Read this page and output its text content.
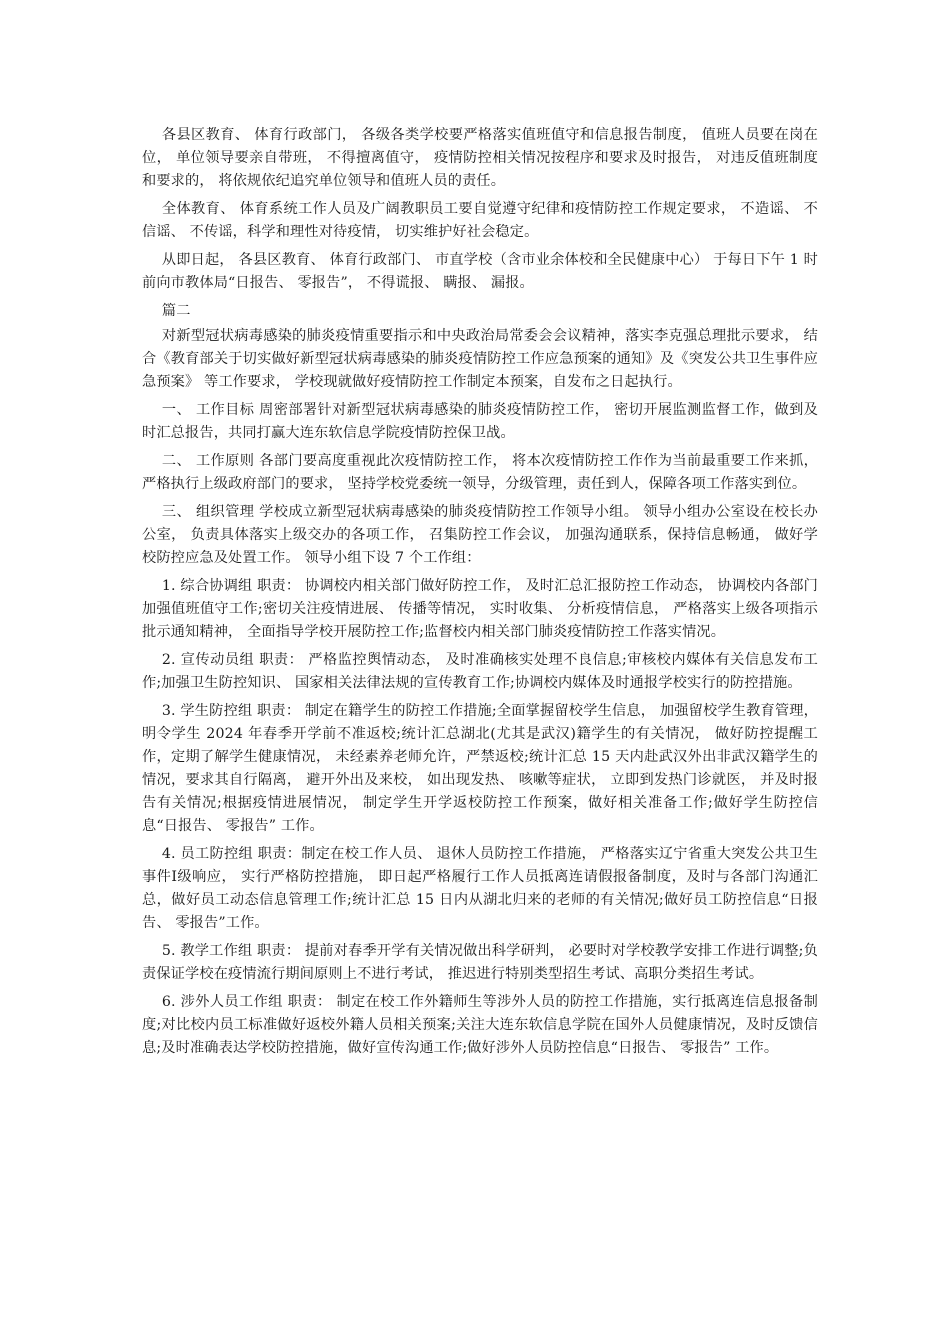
各县区教育、 体育行政部门， 各级各类学校要严格落实值班值守和信息报告制度， 值班人员要在岗在位， 单位领导要亲自带班， 不得擅离值守， 疫情防控相关情况按程序和要求及时报告， 对违反值班制度和要求的， 将依规依纪追究单位领导和值班人员的责任。

全体教育、 体育系统工作人员及广阔教职员工要自觉遵守纪律和疫情防控工作规定要求， 不造谣、 不信谣、 不传谣，科学和理性对待疫情， 切实维护好社会稳定。

从即日起， 各县区教育、 体育行政部门、 市直学校（含市业余体校和全民健康中心） 于每日下午 1 时前向市教体局“日报告、 零报告”， 不得谎报、 瞒报、 漏报。

篇二

对新型冠状病毒感染的肺炎疫情重要指示和中央政治局常委会会议精神，落实李克强总理批示要求， 结合《教育部关于切实做好新型冠状病毒感染的肺炎疫情防控工作应急预案的通知》及《突发公共卫生事件应急预案》 等工作要求， 学校现就做好疫情防控工作制定本预案，自发布之日起执行。

一、 工作目标 周密部署针对新型冠状病毒感染的肺炎疫情防控工作， 密切开展监测监督工作，做到及时汇总报告，共同打赢大连东软信息学院疫情防控保卫战。

二、 工作原则 各部门要高度重视此次疫情防控工作， 将本次疫情防控工作作为当前最重要工作来抓， 严格执行上级政府部门的要求， 坚持学校党委统一领导，分级管理，责任到人，保障各项工作落实到位。

三、 组织管理 学校成立新型冠状病毒感染的肺炎疫情防控工作领导小组。 领导小组办公室设在校长办公室， 负责具体落实上级交办的各项工作， 召集防控工作会议， 加强沟通联系，保持信息畅通， 做好学校防控应急及处置工作。 领导小组下设 7 个工作组：

1. 综合协调组 职责： 协调校内相关部门做好防控工作， 及时汇总汇报防控工作动态， 协调校内各部门加强值班值守工作;密切关注疫情进展、 传播等情况， 实时收集、 分析疫情信息， 严格落实上级各项指示批示通知精神， 全面指导学校开展防控工作;监督校内相关部门肺炎疫情防控工作落实情况。

2. 宣传动员组 职责： 严格监控舆情动态， 及时准确核实处理不良信息;审核校内媒体有关信息发布工作;加强卫生防控知识、 国家相关法律法规的宣传教育工作;协调校内媒体及时通报学校实行的防控措施。

3. 学生防控组 职责： 制定在籍学生的防控工作措施;全面掌握留校学生信息， 加强留校学生教育管理，明令学生 2024 年春季开学前不准返校;统计汇总湖北(尤其是武汉)籍学生的有关情况， 做好防控提醒工作，定期了解学生健康情况， 未经素养老师允许，严禁返校;统计汇总 15 天内赴武汉外出非武汉籍学生的情况，要求其自行隔离， 避开外出及来校， 如出现发热、 咳嗽等症状， 立即到发热门诊就医， 并及时报告有关情况;根据疫情进展情况， 制定学生开学返校防控工作预案，做好相关准备工作;做好学生防控信息“日报告、 零报告” 工作。

4. 员工防控组 职责：制定在校工作人员、 退休人员防控工作措施， 严格落实辽宁省重大突发公共卫生事件Ⅰ级响应， 实行严格防控措施， 即日起严格履行工作人员抵离连请假报备制度，及时与各部门沟通汇总，做好员工动态信息管理工作;统计汇总 15 日内从湖北归来的老师的有关情况;做好员工防控信息“日报告、 零报告”工作。

5. 教学工作组 职责： 提前对春季开学有关情况做出科学研判， 必要时对学校教学安排工作进行调整;负责保证学校在疫情流行期间原则上不进行考试， 推迟进行特别类型招生考试、高职分类招生考试。

6. 涉外人员工作组 职责： 制定在校工作外籍师生等涉外人员的防控工作措施，实行抵离连信息报备制度;对比校内员工标准做好返校外籍人员相关预案;关注大连东软信息学院在国外人员健康情况，及时反馈信息;及时准确表达学校防控措施，做好宣传沟通工作;做好涉外人员防控信息“日报告、 零报告” 工作。
